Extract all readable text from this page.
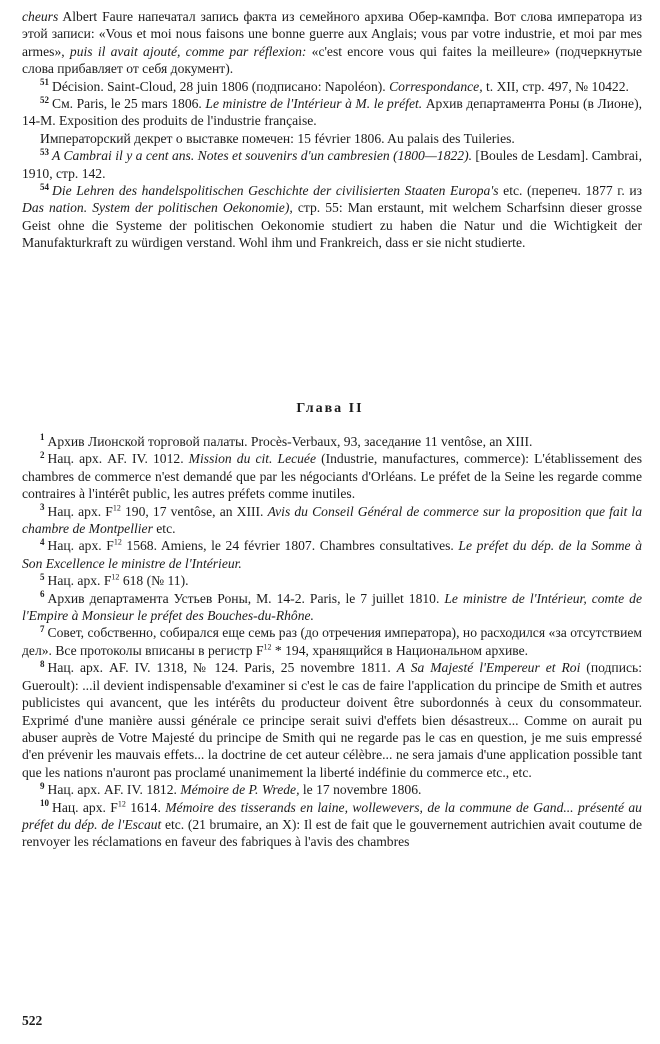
cheurs Albert Faure напечатал запись факта из семейного архива Обер-кампфа. Вот слова императора из этой записи: «Vous et moi nous faisons une bonne guerre aux Anglais; vous par votre industrie, et moi par mes armes», puis il avait ajouté, comme par réflexion: «c'est encore vous qui faites la meilleure» (подчеркнутые слова прибавляет от себя документ).

$^{51}$ Décision. Saint-Cloud, 28 juin 1806 (подписано: Napoléon). Correspondance, t. XII, стр. 497, № 10422.

$^{52}$ См. Paris, le 25 mars 1806. Le ministre de l'Intérieur à M. le préfet. Архив департамента Роны (в Лионе), 14-М. Exposition des produits de l'industrie française.

Императорский декрет о выставке помечен: 15 février 1806. Au palais des Tuileries.

$^{53}$ A Cambrai il y a cent ans. Notes et souvenirs d'un cambresien (1800—1822). [Boules de Lesdam]. Cambrai, 1910, стр. 142.

$^{54}$ Die Lehren des handelspolitischen Geschichte der civilisierten Staaten Europa's etc. (перепеч. 1877 г. из Das nation. System der politischen Oekonomie), стр. 55: Man erstaunt, mit welchem Scharfsinn dieser grosse Geist ohne die Systeme der politischen Oekonomie studiert zu haben die Natur und die Wichtigkeit der Manufakturkraft zu würdigen verstand. Wohl ihm und Frankreich, dass er sie nicht studierte.

Глава II

$^1$ Архив Лионской торговой палаты. Procès-Verbaux, 93, заседание 11 ventôse, an XIII.

$^2$ Нац. арх. AF. IV. 1012. Mission du cit. Lecuée (Industrie, manufactures, commerce): L'établissement des chambres de commerce n'est demandé que par les négociants d'Orléans. Le préfet de la Seine les regarde comme contraires à l'intérêt public, les autres préfets comme inutiles.

$^3$ Нац. арх. $F^{12}$ 190, 17 ventôse, an XIII. Avis du Conseil Général de commerce sur la proposition que fait la chambre de Montpellier etc.

$^4$ Нац. арх. $F^{12}$ 1568. Amiens, le 24 février 1807. Chambres consultatives. Le préfet du dép. de la Somme à Son Excellence le ministre de l'Intérieur.

$^5$ Нац. арх. $F^{12}$ 618 (№ 11).

$^6$ Архив департамента Устьев Роны, M. 14-2. Paris, le 7 juillet 1810. Le ministre de l'Intérieur, comte de l'Empire à Monsieur le préfet des Bouches-du-Rhône.

$^7$ Совет, собственно, собирался еще семь раз (до отречения императора), но расходился «за отсутствием дел». Все протоколы вписаны в регистр $F^{12} * 194$, хранящийся в Национальном архиве.

$^8$ Нац. арх. AF. IV. 1318, № 124. Paris, 25 novembre 1811. A Sa Majesté l'Empereur et Roi (подпись: Gueroult): ...il devient indispensable d'examiner si c'est le cas de faire l'application du principe de Smith et autres publicistes qui avancent, que les intérêts du producteur doivent être subordonnés à ceux du consommateur. Exprimé d'une manière aussi générale ce principe serait suivi d'effets bien désastreux... Comme on aurait pu abuser auprès de Votre Majesté du principe de Smith qui ne regarde pas le cas en question, je me suis empressé d'en prévenir les mauvais effets... la doctrine de cet auteur célèbre... ne sera jamais d'une application possible tant que les nations n'auront pas proclamé unanimement la liberté indéfinie du commerce etc., etc.

$^9$ Нац. арх. AF. IV. 1812. Mémoire de P. Wrede, le 17 novembre 1806.

$^{10}$ Нац. арх. $F^{12}$ 1614. Mémoire des tisserands en laine, wollewevers, de la commune de Gand... présenté au préfet du dép. de l'Escaut etc. (21 brumaire, an X): Il est de fait que le gouvernement autrichien avait coutume de renvoyer les réclamations en faveur des fabriques à l'avis des chambres

522
